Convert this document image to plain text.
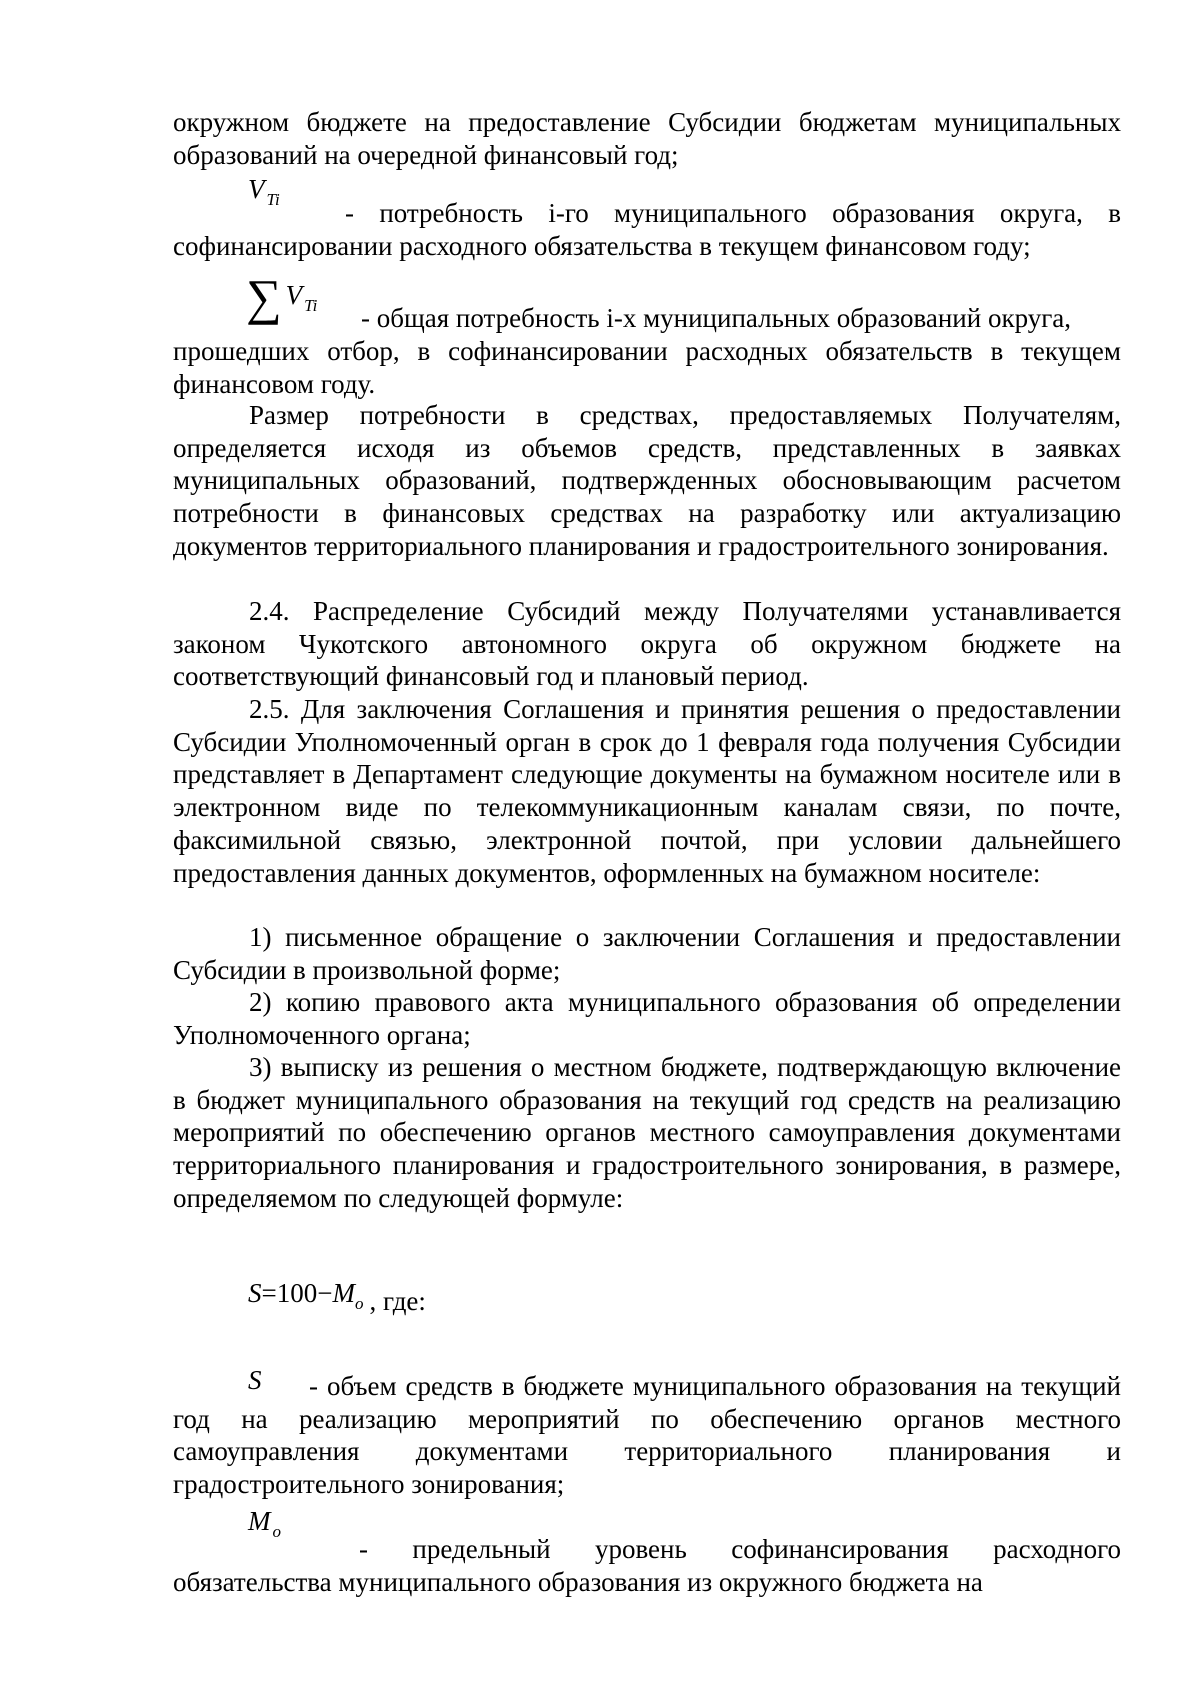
окружном бюджете на предоставление Субсидии бюджетам муниципальных образований на очередной финансовый год;

V $_{Ti}$	- потребность i-го муниципального образования округа, в софинансировании расходного обязательства в текущем финансовом году;

∑ V $_{Ti}$	- общая потребность i-х муниципальных образований округа,

прошедших отбор, в софинансировании расходных обязательств в текущем финансовом году.

Размер потребности в средствах, предоставляемых Получателям, определяется исходя из объемов средств, представленных в заявках муниципальных образований, подтвержденных обосновывающим расчетом потребности в финансовых средствах на разработку или актуализацию документов территориального планирования и градостроительного зонирования.

2.4. Распределение Субсидий между Получателями устанавливается законом Чукотского автономного округа об окружном бюджете на соответствующий финансовый год и плановый период.

2.5. Для заключения Соглашения и принятия решения о предоставлении Субсидии Уполномоченный орган в срок до 1 февраля года получения Субсидии представляет в Департамент следующие документы на бумажном носителе или в электронном виде по телекоммуникационным каналам связи, по почте, факсимильной связью, электронной почтой, при условии дальнейшего предоставления данных документов, оформленных на бумажном носителе:

1) письменное обращение о заключении Соглашения и предоставлении Субсидии в произвольной форме;

2) копию правового акта муниципального образования об определении Уполномоченного органа;

3) выписку из решения о местном бюджете, подтверждающую включение в бюджет муниципального образования на текущий год средств на реализацию мероприятий по обеспечению органов местного самоуправления документами территориального планирования и градостроительного зонирования, в размере, определяемом по следующей формуле:

$S=100-M_o$ , где:
S	- объем средств в бюджете муниципального образования на текущий год на реализацию мероприятий по обеспечению органов местного самоуправления документами территориального планирования и градостроительного зонирования;

M $_o$

- предельный уровень софинансирования расходного обязательства муниципального образования из окружного бюджета на
